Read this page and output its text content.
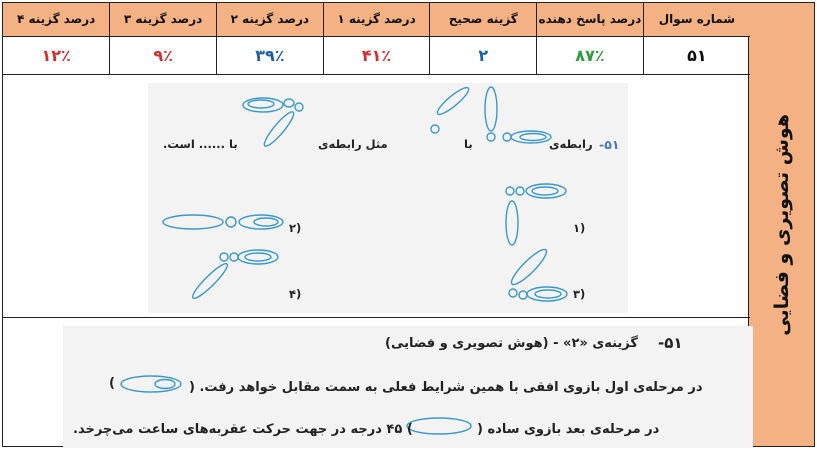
هوش تصویری و فضایی
شماره سوال	درصد پاسخ دهنده	گزینه صحیح	درصد گزینه ۱	درصد گزینه ۲	درصد گزینه ۳	درصد گزینه ۴
۵۱	۸۷٪	۲	۴۱٪	۳۹٪	۹٪	۱۲٪
۵۱-
رابطه‌ی
با
مثل رابطه‌ی
با ...... است.
(۱
(۲
(۳
(۴
۵۱-
گزینه‌ی «۲» - (هوش تصویری و فضایی)
در مرحله‌ی اول بازوی افقی با همین شرایط فعلی به سمت مقابل خواهد رفت. (
)
در مرحله‌ی بعد بازوی ساده (
) ۴۵ درجه در جهت حرکت عقربه‌های ساعت می‌چرخد.
